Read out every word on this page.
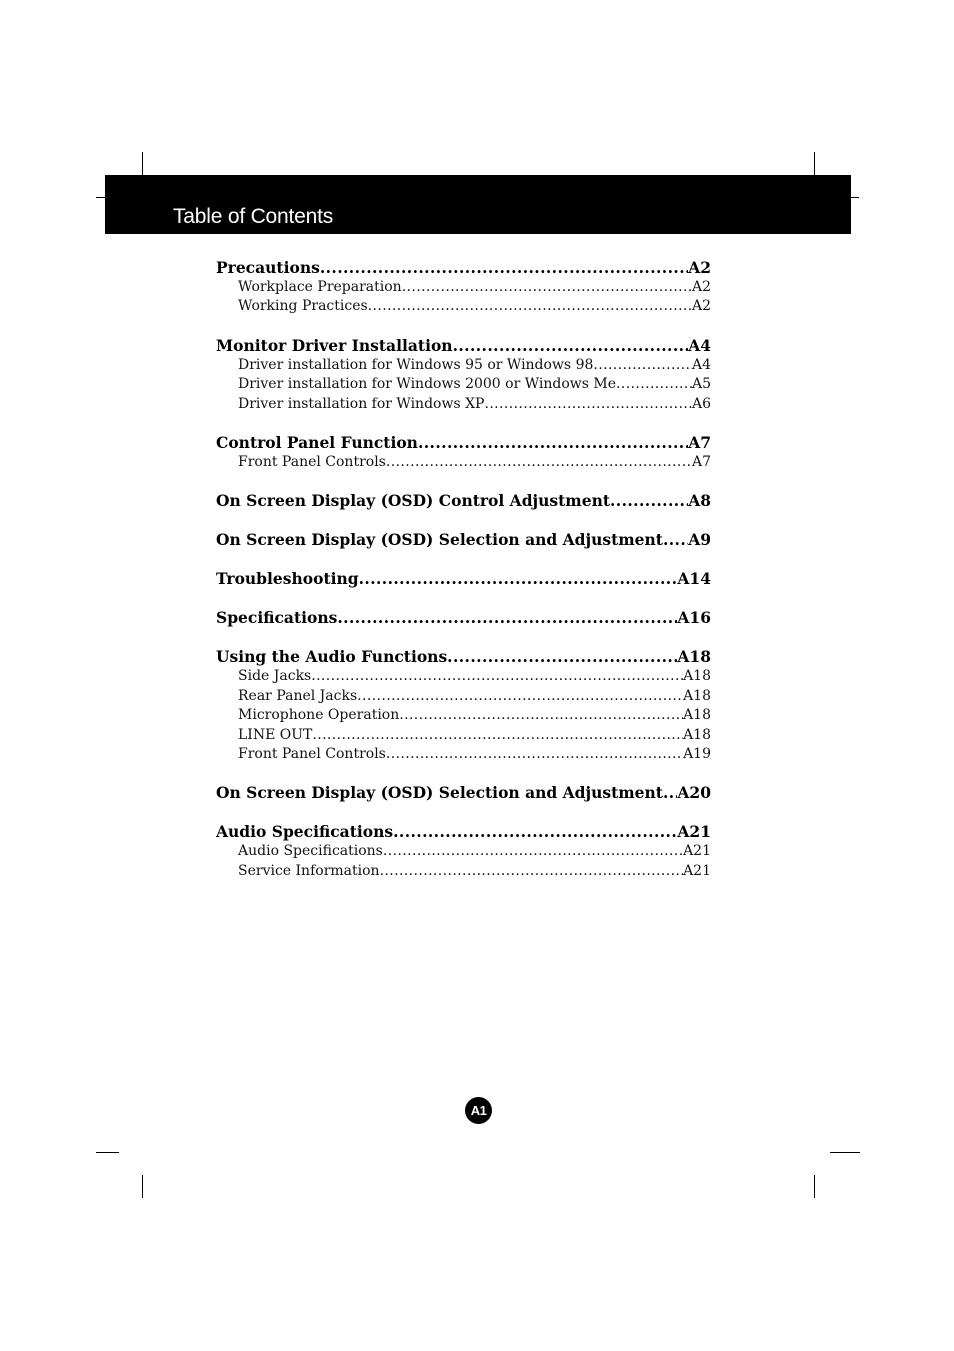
Table of Contents
Precautions .....	A2
Workplace Preparation .....	A2
Working Practices .....	A2
Monitor Driver Installation .....	A4
Driver installation for Windows 95 or Windows 98 .....	A4
Driver installation for Windows 2000 or Windows Me .....	A5
Driver installation for Windows XP .....	A6
Control Panel Function .....	A7
Front Panel Controls .....	A7
On Screen Display (OSD) Control Adjustment .....	A8
On Screen Display (OSD) Selection and Adjustment ..... A9
Troubleshooting .....	A14
Specifications .....	A16
Using the Audio Functions .....	A18
Side Jacks .....	A18
Rear Panel Jacks .....	A18
Microphone Operation .....	A18
LINE OUT .....	A18
Front Panel Controls .....	A19
On Screen Display (OSD) Selection and Adjustment ..... A20
Audio Specifications .....	A21
Audio Specifications .....	A21
Service Information .....	A21
A1
